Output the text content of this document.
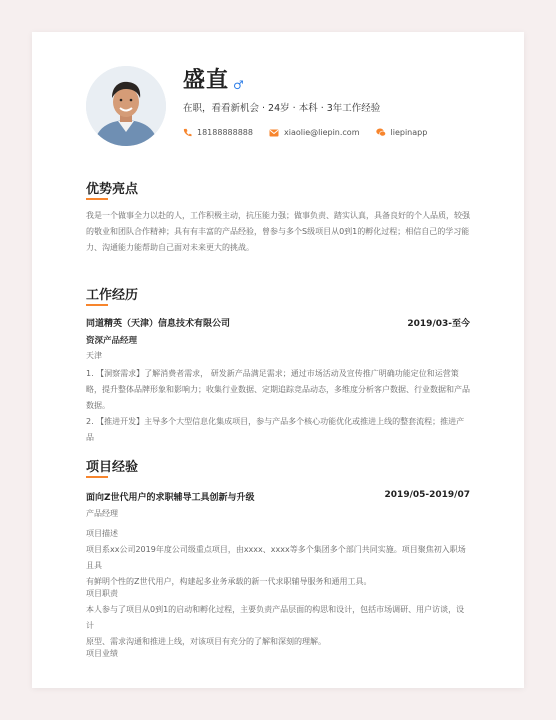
盛直 ♂
在职，看看新机会 · 24岁 · 本科 · 3年工作经验
18188888888	xiaolie@liepin.com	liepinapp
优势亮点
我是一个做事全力以赴的人，工作积极主动，抗压能力强；做事负责、踏实认真，具备良好的个人品质，较强
的敬业和团队合作精神；具有有丰富的产品经验，曾参与多个S级项目从0到1的孵化过程；相信自己的学习能
力、沟通能力能帮助自己面对未来更大的挑战。
工作经历
同道精英（天津）信息技术有限公司	2019/03-至今
资深产品经理
天津
1. 【洞察需求】了解消费者需求， 研发新产品满足需求；通过市场活动及宣传推广明确功能定位和运营策
略，提升整体品牌形象和影响力；收集行业数据、定期追踪竞品动态，多维度分析客户数据、行业数据和产品
数据。
2. 【推进开发】主导多个大型信息化集成项目，参与产品多个核心功能优化或推进上线的整套流程；推进产品
项目经验
面向Z世代用户的求职辅导工具创新与升级	2019/05-2019/07
产品经理
项目描述
项目系xx公司2019年度公司级重点项目，由xxxx、xxxx等多个集团多个部门共同实施。项目聚焦初入职场且具
有鲜明个性的Z世代用户，构建起多业务承载的新一代求职辅导服务和通用工具。
项目职责
本人参与了项目从0到1的启动和孵化过程，主要负责产品层面的构思和设计，包括市场调研、用户访谈，设计
原型、需求沟通和推进上线，对该项目有充分的了解和深刻的理解。
项目业绩
